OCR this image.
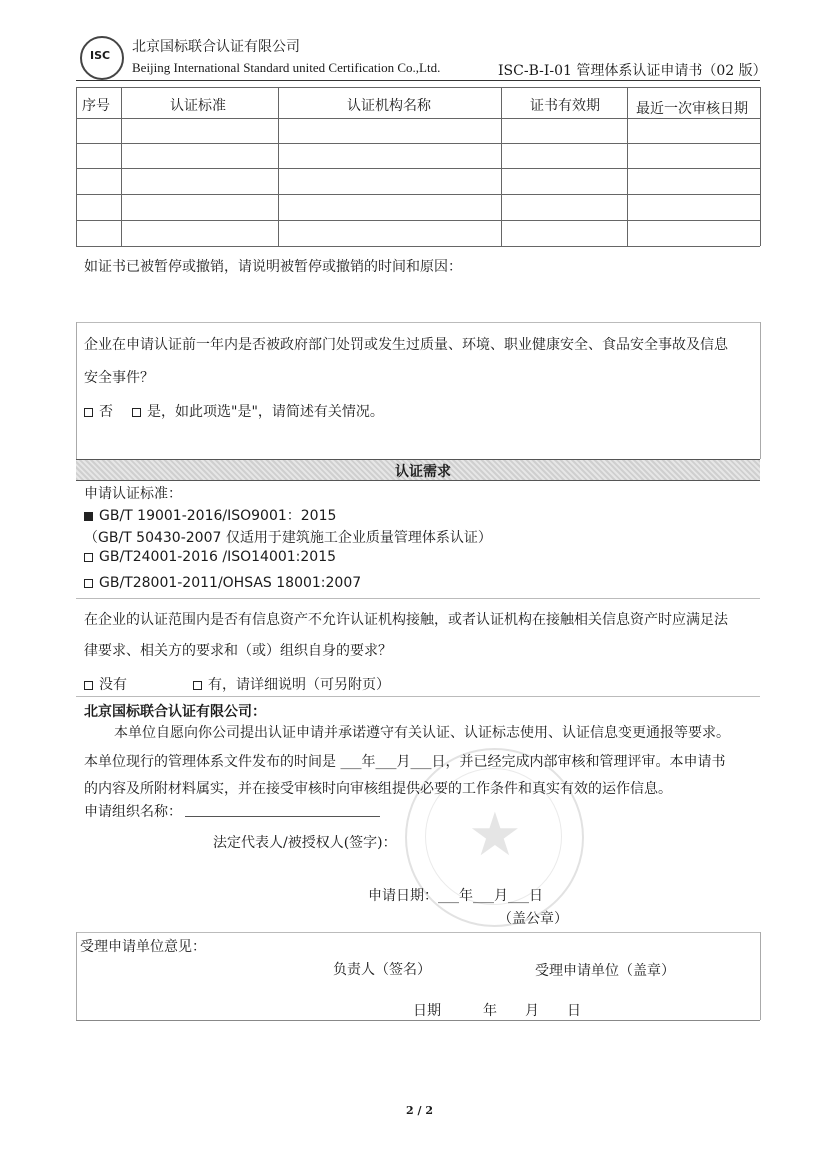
ISC
北京国标联合认证有限公司
Beijing International Standard united Certification Co.,Ltd.	ISC-B-I-01 管理体系认证申请书（02 版）
序号	认证标准	认证机构名称	证书有效期	最近一次审核日期
如证书已被暂停或撤销，请说明被暂停或撤销的时间和原因：
企业在申请认证前一年内是否被政府部门处罚或发生过质量、环境、职业健康安全、食品安全事故及信息
安全事件？
否	是，如此项选"是"，请简述有关情况。
认证需求
申请认证标准：
GB/T 19001-2016/ISO9001：2015
（GB/T 50430-2007 仅适用于建筑施工企业质量管理体系认证）
GB/T24001-2016 /ISO14001:2015
GB/T28001-2011/OHSAS 18001:2007
在企业的认证范围内是否有信息资产不允许认证机构接触，或者认证机构在接触相关信息资产时应满足法
律要求、相关方的要求和（或）组织自身的要求？
没有	有，请详细说明（可另附页）
★
北京国标联合认证有限公司：
本单位自愿向你公司提出认证申请并承诺遵守有关认证、认证标志使用、认证信息变更通报等要求。
本单位现行的管理体系文件发布的时间是 ___年___月___日，并已经完成内部审核和管理评审。本申请书
的内容及所附材料属实，并在接受审核时向审核组提供必要的工作条件和真实有效的运作信息。
申请组织名称：
法定代表人/被授权人(签字)：
申请日期：___年___月___日
（盖公章）
受理申请单位意见：
负责人（签名）	受理申请单位（盖章）
日期　　　年　　月　　日
2 / 2
